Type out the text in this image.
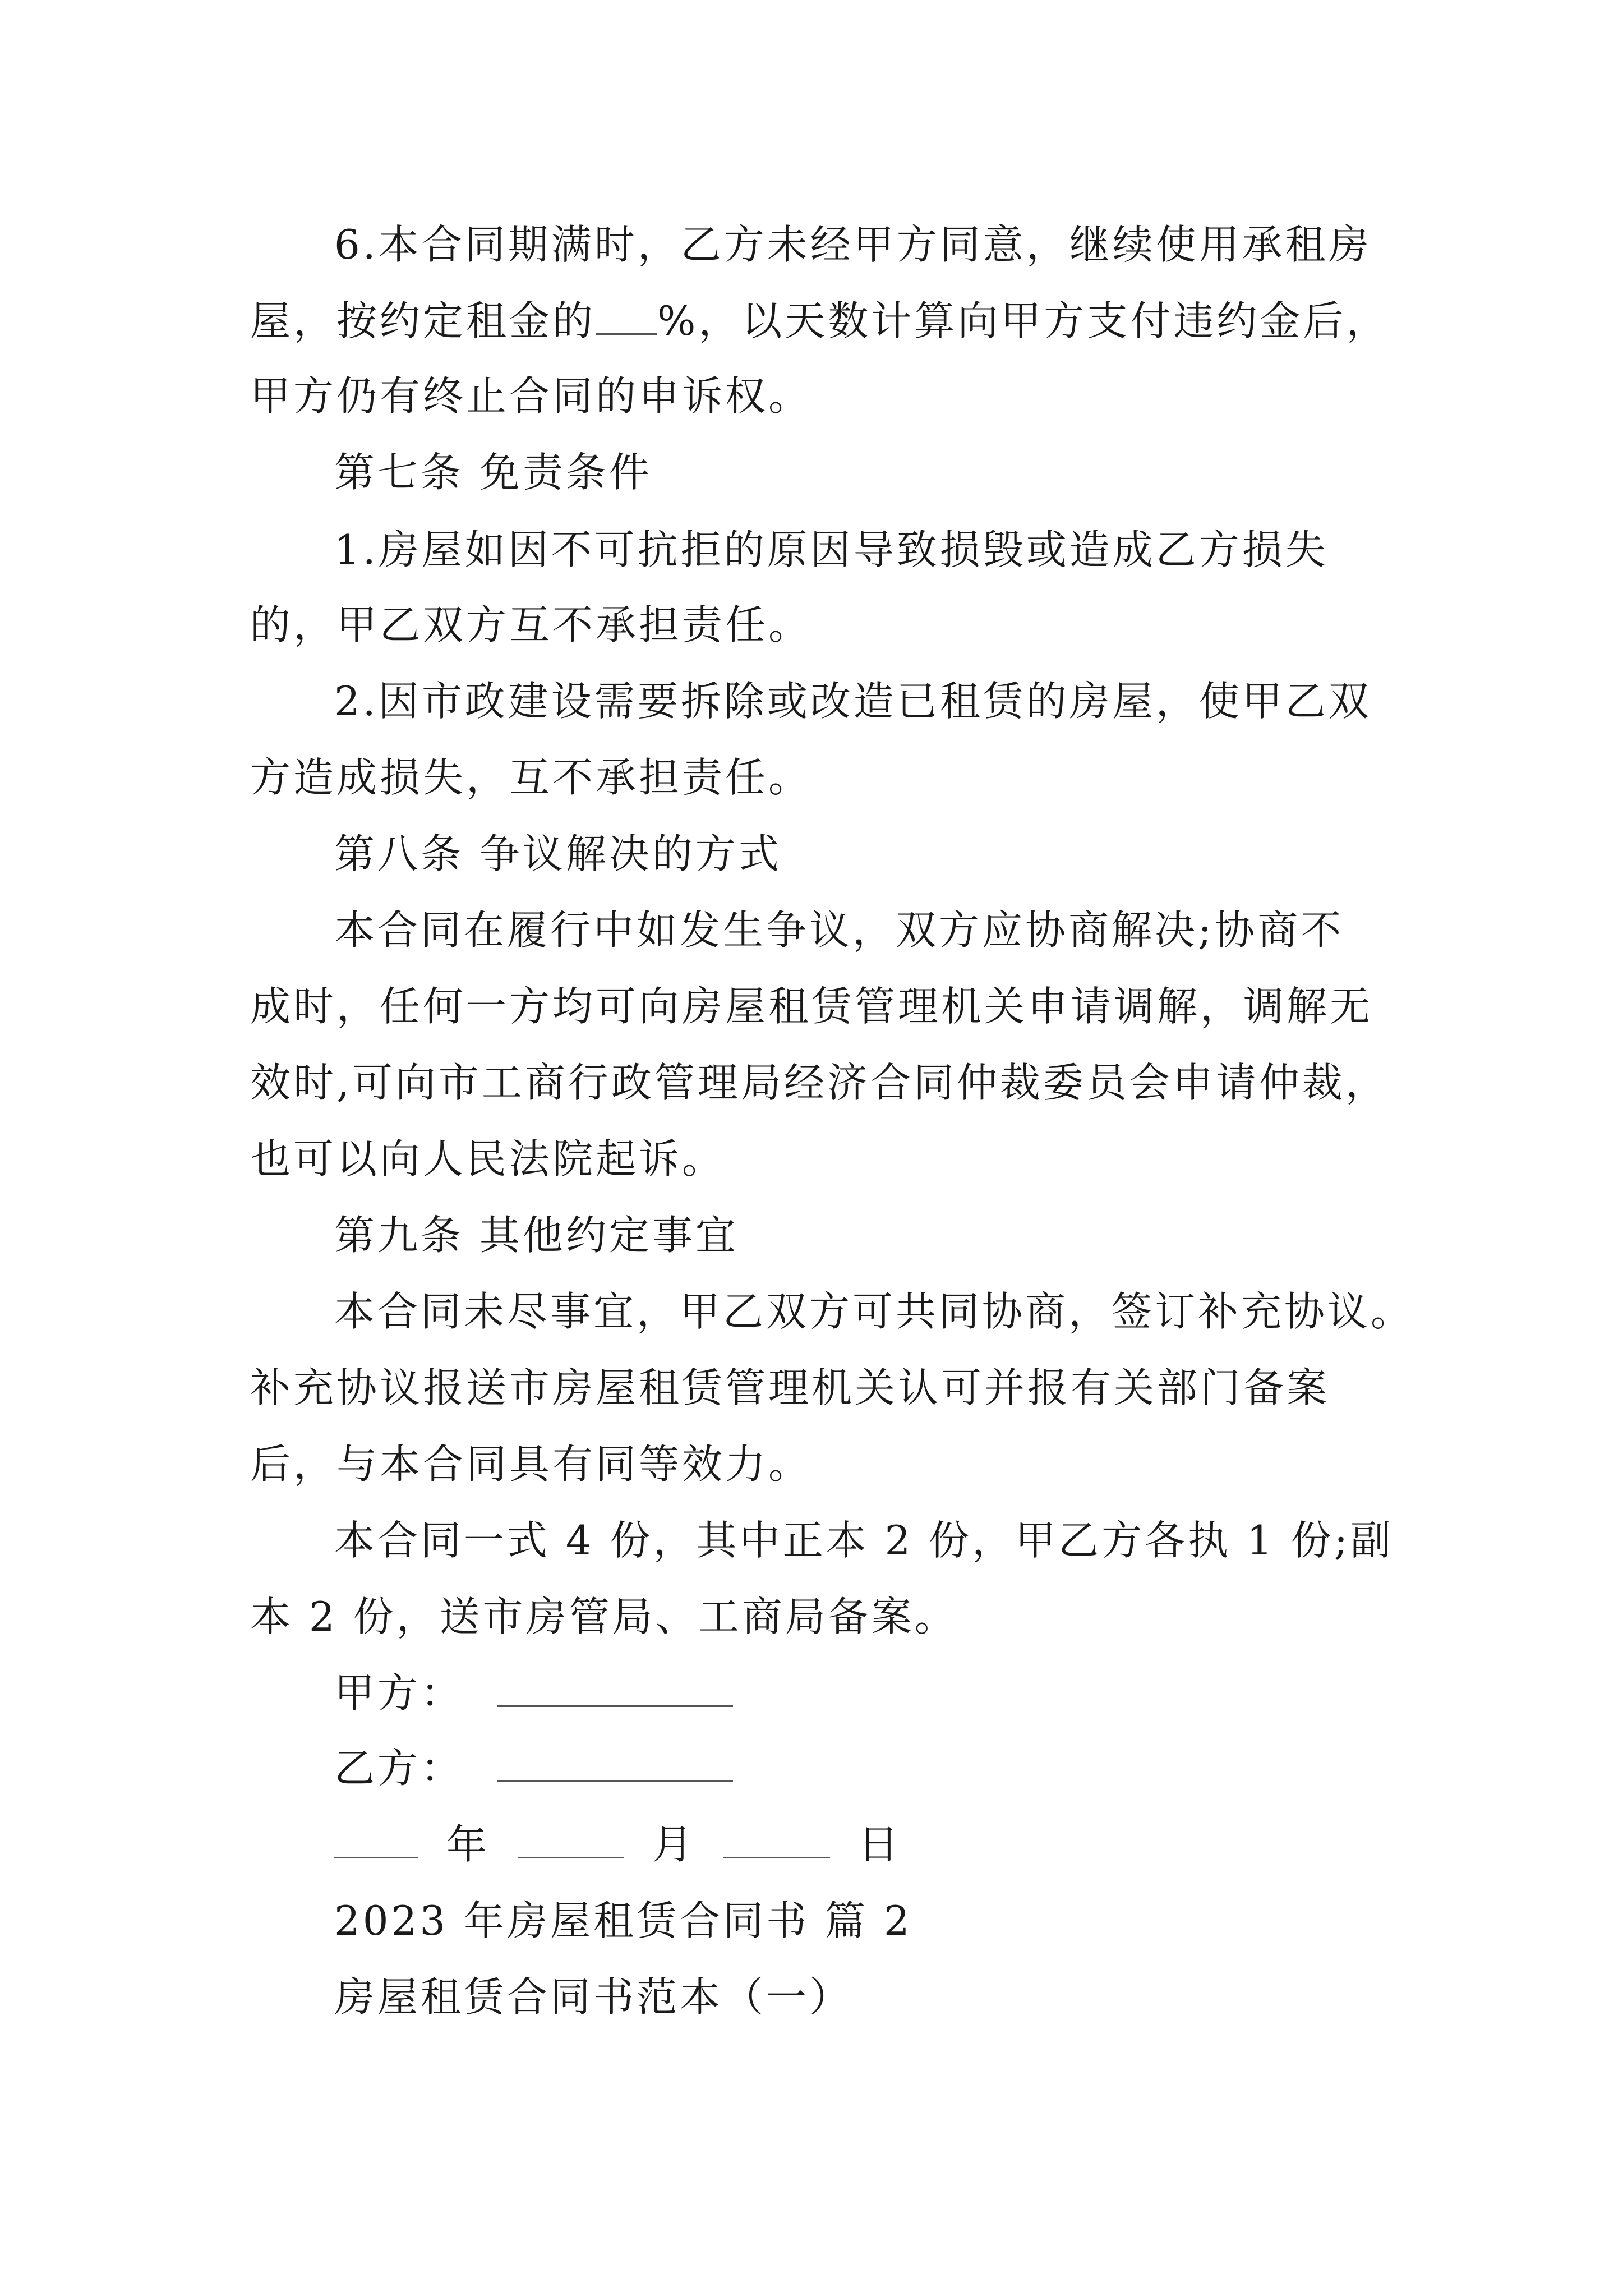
6.本合同期满时，乙方未经甲方同意，继续使用承租房
屋，按约定租金的 %，以天数计算向甲方支付违约金后，
甲方仍有终止合同的申诉权。
第七条 免责条件
1.房屋如因不可抗拒的原因导致损毁或造成乙方损失
的，甲乙双方互不承担责任。
2.因市政建设需要拆除或改造已租赁的房屋，使甲乙双
方造成损失，互不承担责任。
第八条 争议解决的方式
本合同在履行中如发生争议，双方应协商解决;协商不
成时，任何一方均可向房屋租赁管理机关申请调解，调解无
效时,可向市工商行政管理局经济合同仲裁委员会申请仲裁，
也可以向人民法院起诉。
第九条 其他约定事宜
本合同未尽事宜，甲乙双方可共同协商，签订补充协议。
补充协议报送市房屋租赁管理机关认可并报有关部门备案
后，与本合同具有同等效力。
本合同一式 4 份，其中正本 2 份，甲乙方各执 1 份;副
本 2 份，送市房管局、工商局备案。
甲方：
乙方：
年	月	日
2023 年房屋租赁合同书 篇 2
房屋租赁合同书范本（一）
